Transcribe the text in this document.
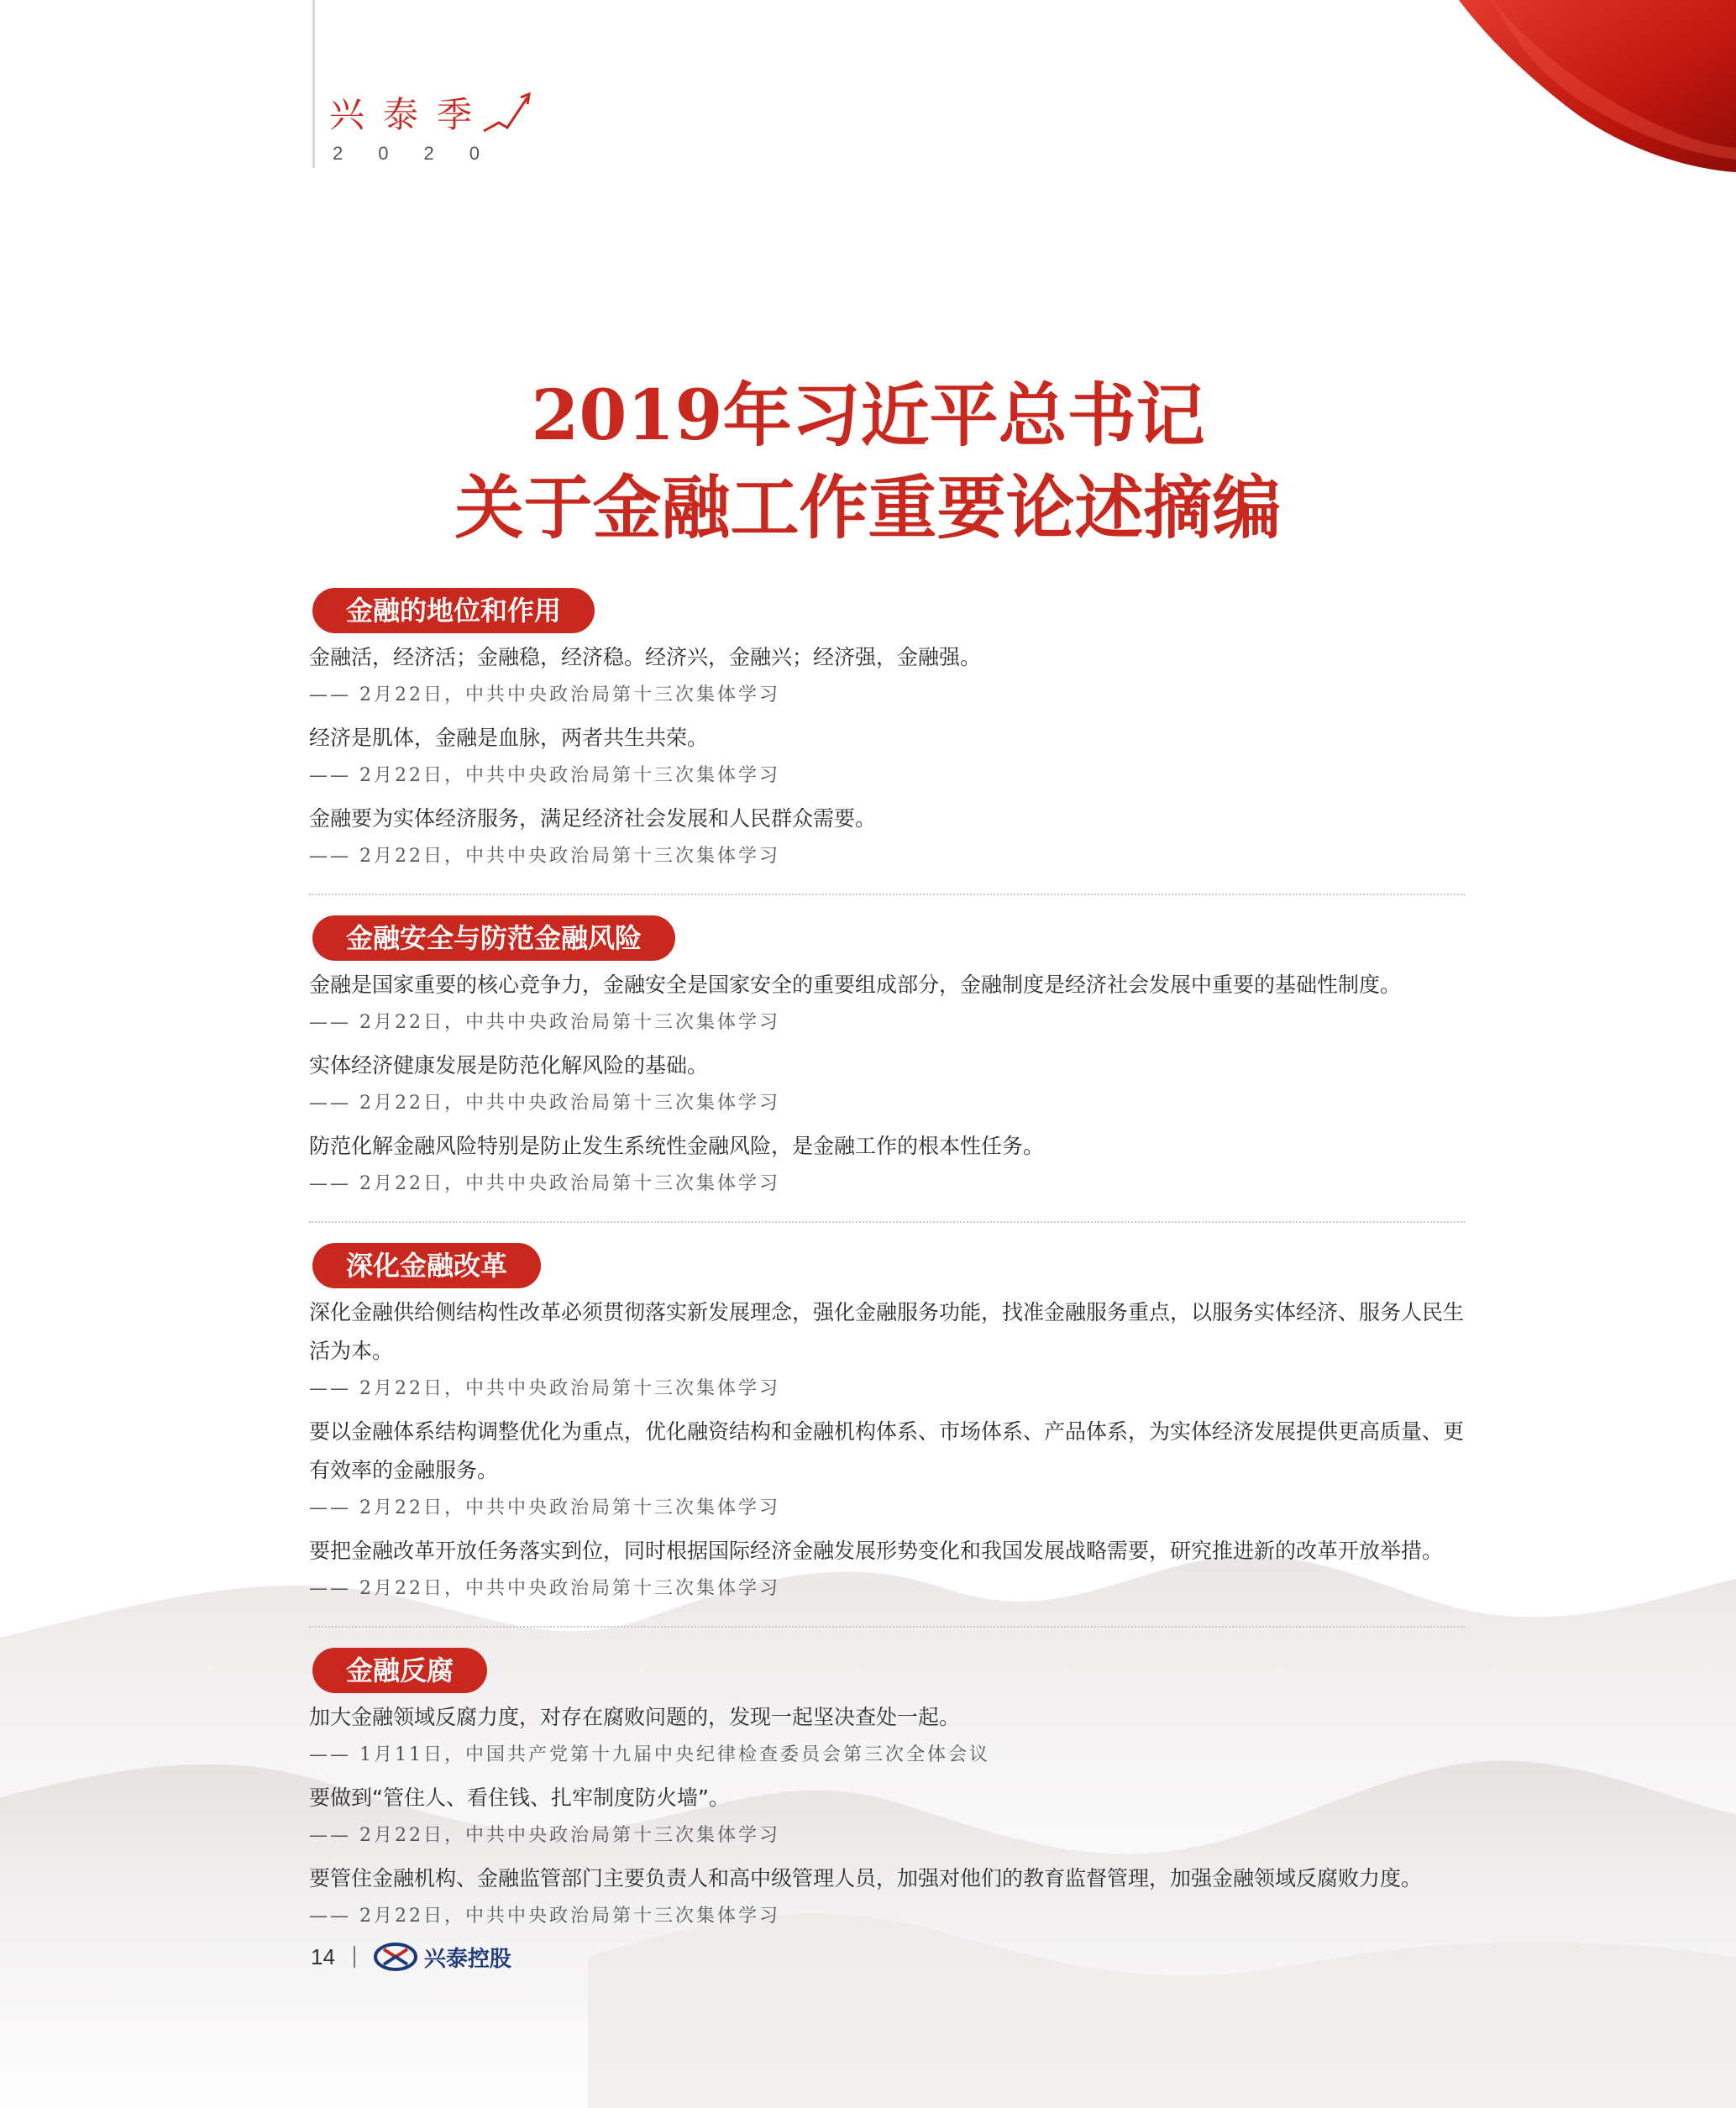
兴泰季
2020
2019年习近平总书记
关于金融工作重要论述摘编
金融的地位和作用

金融活，经济活；金融稳，经济稳。经济兴，金融兴；经济强，金融强。

—— 2月22日，中共中央政治局第十三次集体学习

经济是肌体，金融是血脉，两者共生共荣。

—— 2月22日，中共中央政治局第十三次集体学习

金融要为实体经济服务，满足经济社会发展和人民群众需要。

—— 2月22日，中共中央政治局第十三次集体学习

金融安全与防范金融风险

金融是国家重要的核心竞争力，金融安全是国家安全的重要组成部分，金融制度是经济社会发展中重要的基础性制度。

—— 2月22日，中共中央政治局第十三次集体学习

实体经济健康发展是防范化解风险的基础。

—— 2月22日，中共中央政治局第十三次集体学习

防范化解金融风险特别是防止发生系统性金融风险，是金融工作的根本性任务。

—— 2月22日，中共中央政治局第十三次集体学习

深化金融改革

深化金融供给侧结构性改革必须贯彻落实新发展理念，强化金融服务功能，找准金融服务重点，以服务实体经济、服务人民生活为本。

—— 2月22日，中共中央政治局第十三次集体学习

要以金融体系结构调整优化为重点，优化融资结构和金融机构体系、市场体系、产品体系，为实体经济发展提供更高质量、更有效率的金融服务。

—— 2月22日，中共中央政治局第十三次集体学习

要把金融改革开放任务落实到位，同时根据国际经济金融发展形势变化和我国发展战略需要，研究推进新的改革开放举措。

—— 2月22日，中共中央政治局第十三次集体学习

金融反腐

加大金融领域反腐力度，对存在腐败问题的，发现一起坚决查处一起。

—— 1月11日，中国共产党第十九届中央纪律检查委员会第三次全体会议

要做到“管住人、看住钱、扎牢制度防火墙”。

—— 2月22日，中共中央政治局第十三次集体学习

要管住金融机构、金融监管部门主要负责人和高中级管理人员，加强对他们的教育监督管理，加强金融领域反腐败力度。

—— 2月22日，中共中央政治局第十三次集体学习

14	兴泰控股
